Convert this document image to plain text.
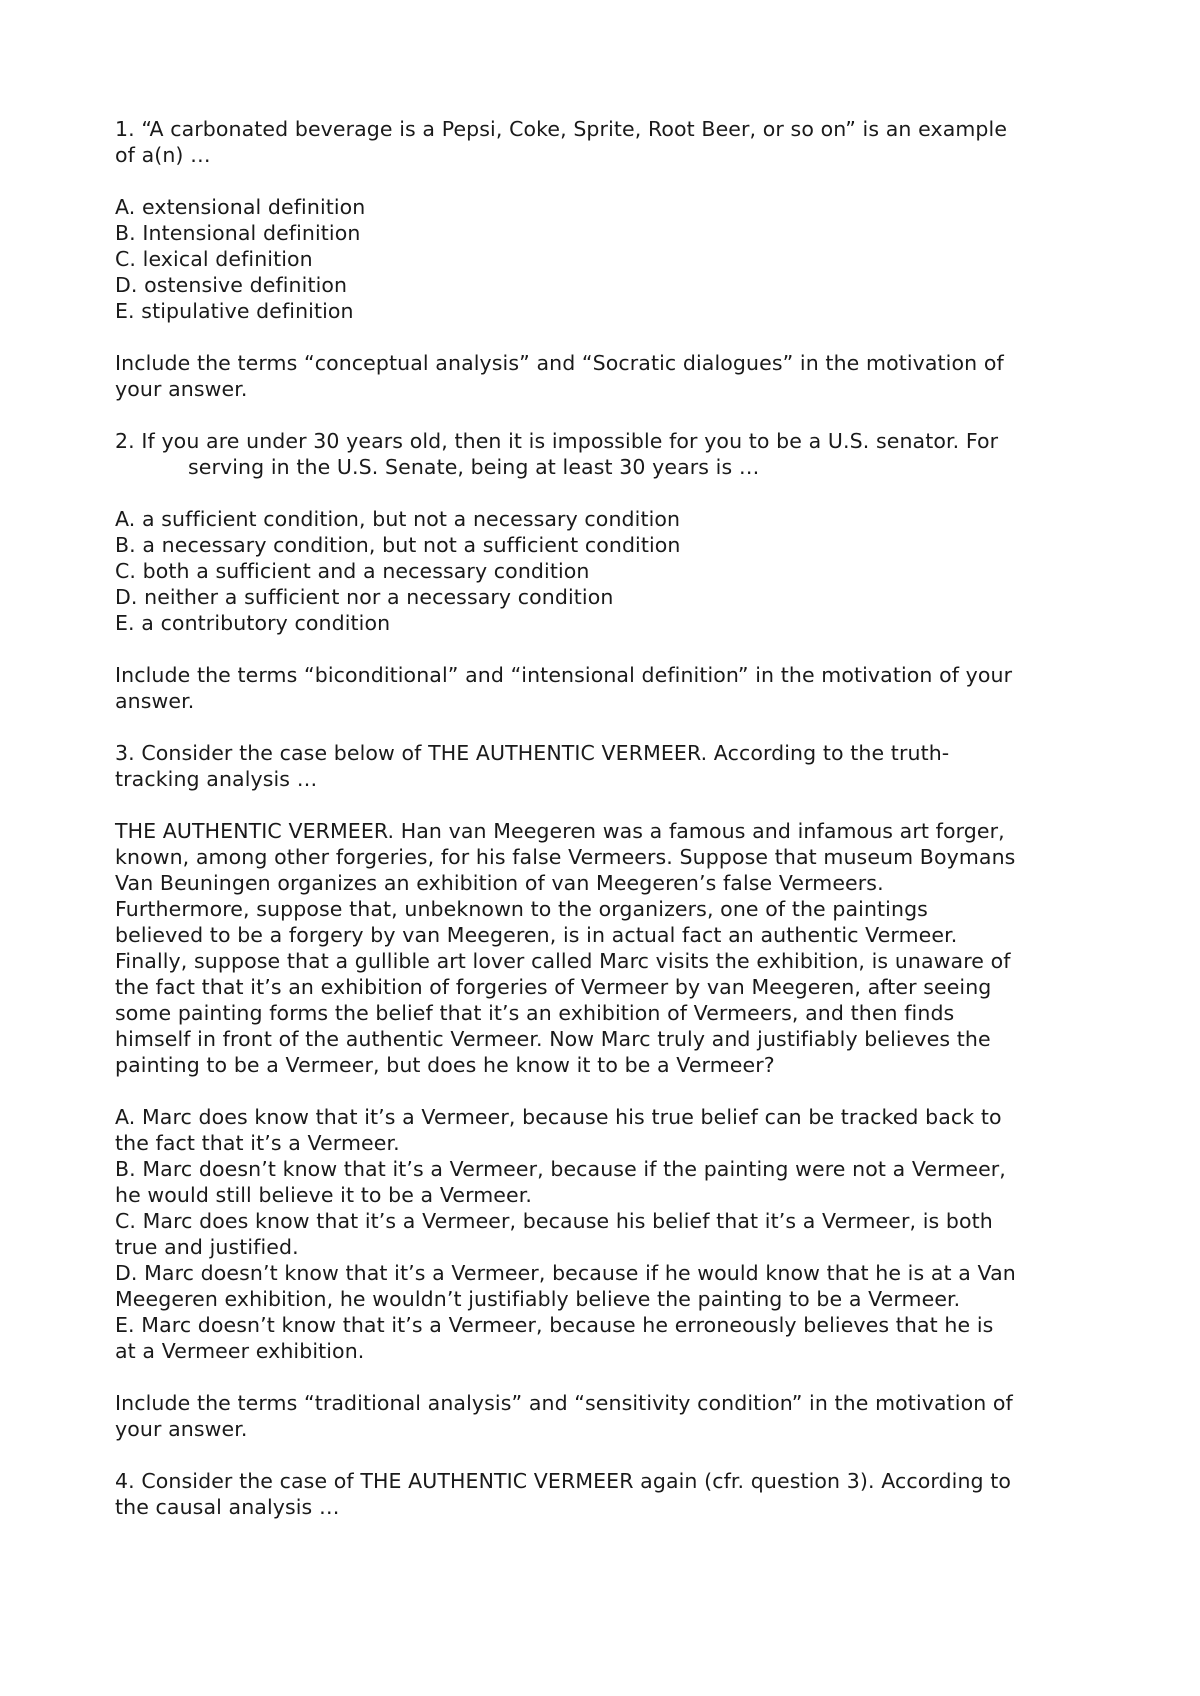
1. “A carbonated beverage is a Pepsi, Coke, Sprite, Root Beer, or so on” is an example
of a(n) …
A. extensional definition
B. Intensional definition
C. lexical definition
D. ostensive definition
E. stipulative definition
Include the terms “conceptual analysis” and “Socratic dialogues” in the motivation of
your answer.
2. If you are under 30 years old, then it is impossible for you to be a U.S. senator. For
serving in the U.S. Senate, being at least 30 years is …
A. a sufficient condition, but not a necessary condition
B. a necessary condition, but not a sufficient condition
C. both a sufficient and a necessary condition
D. neither a sufficient nor a necessary condition
E. a contributory condition
Include the terms “biconditional” and “intensional definition” in the motivation of your
answer.
3. Consider the case below of THE AUTHENTIC VERMEER. According to the truth-
tracking analysis …
THE AUTHENTIC VERMEER. Han van Meegeren was a famous and infamous art forger,
known, among other forgeries, for his false Vermeers. Suppose that museum Boymans
Van Beuningen organizes an exhibition of van Meegeren’s false Vermeers.
Furthermore, suppose that, unbeknown to the organizers, one of the paintings
believed to be a forgery by van Meegeren, is in actual fact an authentic Vermeer.
Finally, suppose that a gullible art lover called Marc visits the exhibition, is unaware of
the fact that it’s an exhibition of forgeries of Vermeer by van Meegeren, after seeing
some painting forms the belief that it’s an exhibition of Vermeers, and then finds
himself in front of the authentic Vermeer. Now Marc truly and justifiably believes the
painting to be a Vermeer, but does he know it to be a Vermeer?
A. Marc does know that it’s a Vermeer, because his true belief can be tracked back to
the fact that it’s a Vermeer.
B. Marc doesn’t know that it’s a Vermeer, because if the painting were not a Vermeer,
he would still believe it to be a Vermeer.
C. Marc does know that it’s a Vermeer, because his belief that it’s a Vermeer, is both
true and justified.
D. Marc doesn’t know that it’s a Vermeer, because if he would know that he is at a Van
Meegeren exhibition, he wouldn’t justifiably believe the painting to be a Vermeer.
E. Marc doesn’t know that it’s a Vermeer, because he erroneously believes that he is
at a Vermeer exhibition.
Include the terms “traditional analysis” and “sensitivity condition” in the motivation of
your answer.
4. Consider the case of THE AUTHENTIC VERMEER again (cfr. question 3). According to
the causal analysis …
